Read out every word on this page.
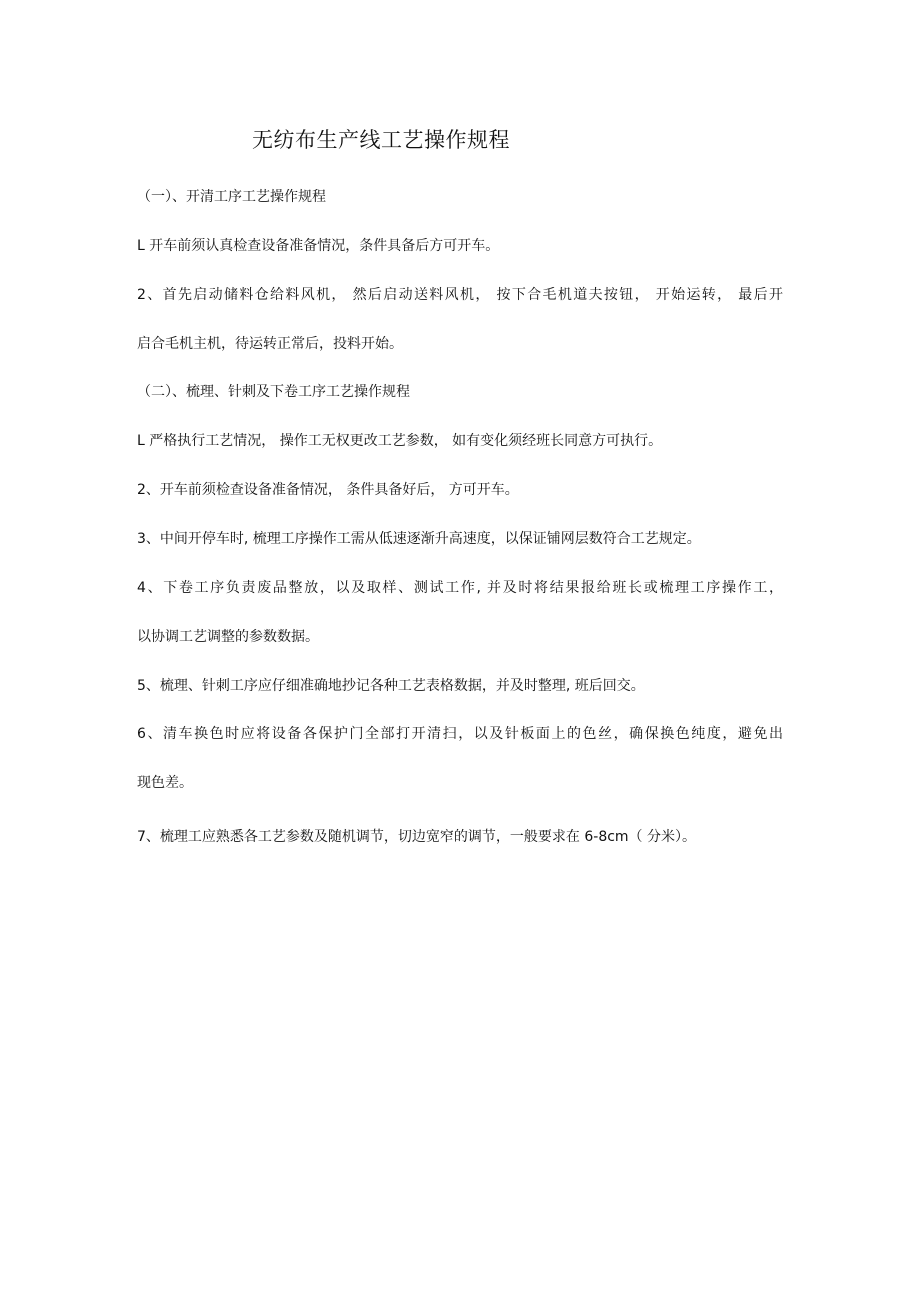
无纺布生产线工艺操作规程
（一）、开清工序工艺操作规程
L 开车前须认真检查设备准备情况，条件具备后方可开车。
2、首先启动储料仓给料风机， 然后启动送料风机， 按下合毛机道夫按钮， 开始运转， 最后开
启合毛机主机，待运转正常后，投料开始。
（二）、梳理、针刺及下卷工序工艺操作规程
L 严格执行工艺情况， 操作工无权更改工艺参数， 如有变化须经班长同意方可执行。
2、开车前须检查设备准备情况， 条件具备好后， 方可开车。
3、中间开停车时, 梳理工序操作工需从低速逐渐升高速度，以保证铺网层数符合工艺规定。
4、下卷工序负责废品整放，以及取样、测试工作, 并及时将结果报给班长或梳理工序操作工，
以协调工艺调整的参数数据。
5、梳理、针刺工序应仔细准确地抄记各种工艺表格数据，并及时整理, 班后回交。
6、清车换色时应将设备各保护门全部打开清扫，以及针板面上的色丝，确保换色纯度，避免出
现色差。
7、梳理工应熟悉各工艺参数及随机调节，切边宽窄的调节，一般要求在 6-8cm（ 分米）。
